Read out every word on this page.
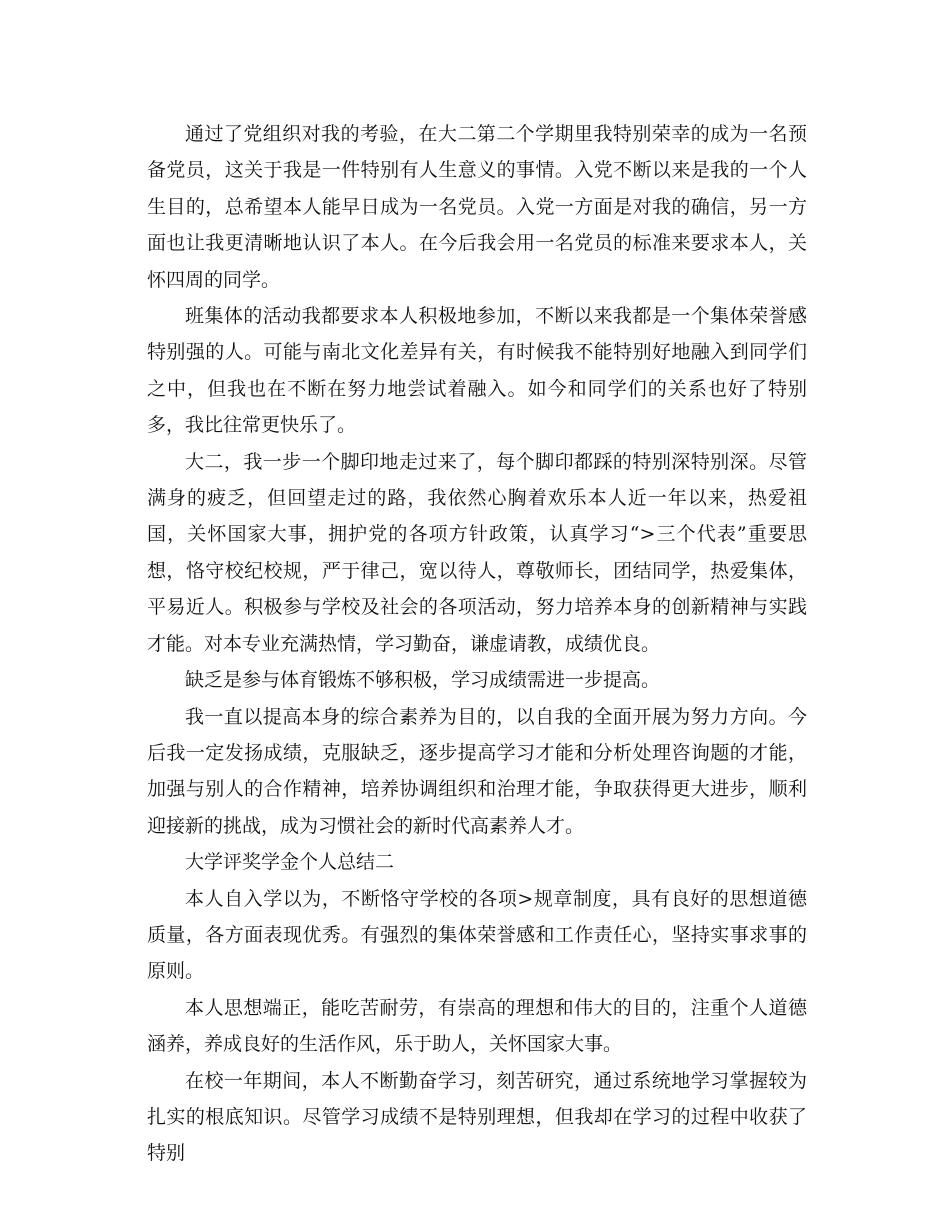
通过了党组织对我的考验，在大二第二个学期里我特别荣幸的成为一名预备党员，这关于我是一件特别有人生意义的事情。入党不断以来是我的一个人生目的，总希望本人能早日成为一名党员。入党一方面是对我的确信，另一方面也让我更清晰地认识了本人。在今后我会用一名党员的标准来要求本人，关怀四周的同学。

班集体的活动我都要求本人积极地参加，不断以来我都是一个集体荣誉感特别强的人。可能与南北文化差异有关，有时候我不能特别好地融入到同学们之中，但我也在不断在努力地尝试着融入。如今和同学们的关系也好了特别多，我比往常更快乐了。

大二，我一步一个脚印地走过来了，每个脚印都踩的特别深特别深。尽管满身的疲乏，但回望走过的路，我依然心胸着欢乐本人近一年以来，热爱祖国，关怀国家大事，拥护党的各项方针政策，认真学习“>三个代表”重要思想，恪守校纪校规，严于律己，宽以待人，尊敬师长，团结同学，热爱集体，平易近人。积极参与学校及社会的各项活动，努力培养本身的创新精神与实践才能。对本专业充满热情，学习勤奋，谦虚请教，成绩优良。

缺乏是参与体育锻炼不够积极，学习成绩需进一步提高。

我一直以提高本身的综合素养为目的，以自我的全面开展为努力方向。今后我一定发扬成绩，克服缺乏，逐步提高学习才能和分析处理咨询题的才能，加强与别人的合作精神，培养协调组织和治理才能，争取获得更大进步，顺利迎接新的挑战，成为习惯社会的新时代高素养人才。

大学评奖学金个人总结二

本人自入学以为，不断恪守学校的各项>规章制度，具有良好的思想道德质量，各方面表现优秀。有强烈的集体荣誉感和工作责任心，坚持实事求事的原则。

本人思想端正，能吃苦耐劳，有崇高的理想和伟大的目的，注重个人道德涵养，养成良好的生活作风，乐于助人，关怀国家大事。

在校一年期间，本人不断勤奋学习，刻苦研究，通过系统地学习掌握较为扎实的根底知识。尽管学习成绩不是特别理想，但我却在学习的过程中收获了特别
